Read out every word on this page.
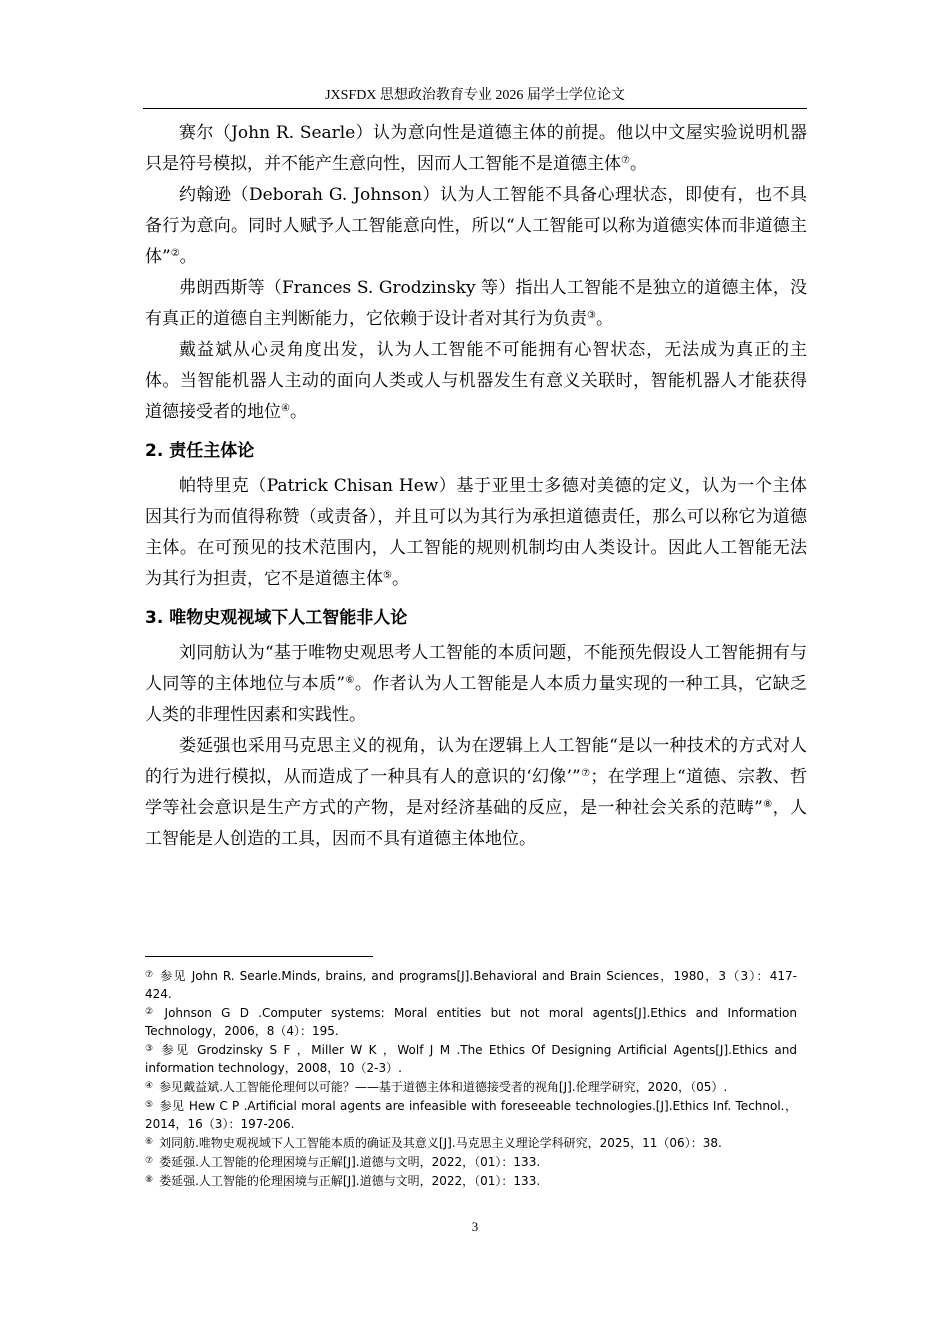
JXSFDX 思想政治教育专业 2026 届学士学位论文

赛尔（John R. Searle）认为意向性是道德主体的前提。他以中文屋实验说明机器只是符号模拟，并不能产生意向性，因而人工智能不是道德主体⑦。

约翰逊（Deborah G. Johnson）认为人工智能不具备心理状态，即使有，也不具备行为意向。同时人赋予人工智能意向性，所以“人工智能可以称为道德实体而非道德主体”②。

弗朗西斯等（Frances S. Grodzinsky 等）指出人工智能不是独立的道德主体，没有真正的道德自主判断能力，它依赖于设计者对其行为负责③。

戴益斌从心灵角度出发，认为人工智能不可能拥有心智状态，无法成为真正的主体。当智能机器人主动的面向人类或人与机器发生有意义关联时，智能机器人才能获得道德接受者的地位④。

2. 责任主体论

帕特里克（Patrick Chisan Hew）基于亚里士多德对美德的定义，认为一个主体因其行为而值得称赞（或责备），并且可以为其行为承担道德责任，那么可以称它为道德主体。在可预见的技术范围内，人工智能的规则机制均由人类设计。因此人工智能无法为其行为担责，它不是道德主体⑤。

3. 唯物史观视域下人工智能非人论

刘同舫认为“基于唯物史观思考人工智能的本质问题，不能预先假设人工智能拥有与人同等的主体地位与本质”⑥。作者认为人工智能是人本质力量实现的一种工具，它缺乏人类的非理性因素和实践性。

娄延强也采用马克思主义的视角，认为在逻辑上人工智能“是以一种技术的方式对人的行为进行模拟，从而造成了一种具有人的意识的‘幻像’”⑦；在学理上“道德、宗教、哲学等社会意识是生产方式的产物，是对经济基础的反应，是一种社会关系的范畴”⑧，人工智能是人创造的工具，因而不具有道德主体地位。

⑦ 参见 John R. Searle.Minds, brains, and programs[J].Behavioral and Brain Sciences，1980，3（3）：417-424.

② Johnson G D .Computer systems: Moral entities but not moral agents[J].Ethics and Information Technology，2006，8（4）：195.

③ 参见 Grodzinsky S F ，Miller W K ，Wolf J M .The Ethics Of Designing Artificial Agents[J].Ethics and information technology，2008，10（2-3）.

④ 参见戴益斌.人工智能伦理何以可能？——基于道德主体和道德接受者的视角[J].伦理学研究，2020，（05）.

⑤ 参见 Hew C P .Artificial moral agents are infeasible with foreseeable technologies.[J].Ethics Inf. Technol.，2014，16（3）：197-206.

⑥ 刘同舫.唯物史观视域下人工智能本质的确证及其意义[J].马克思主义理论学科研究，2025，11（06）：38.

⑦ 娄延强.人工智能的伦理困境与正解[J].道德与文明，2022，（01）：133.

⑧ 娄延强.人工智能的伦理困境与正解[J].道德与文明，2022，（01）：133.

3
